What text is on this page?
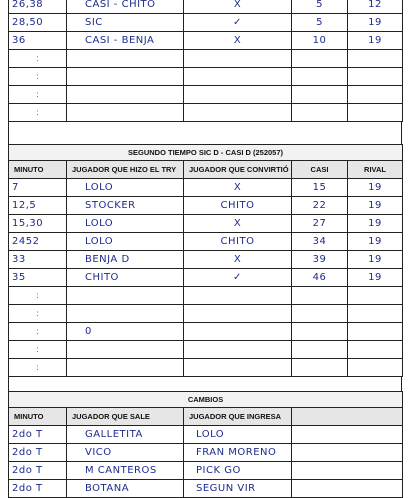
26,38	CASI - CHITO	X	5	12
28,50	SIC	✓	5	19
36	CASI - BENJA	X	10	19
:				
:				
:				
:				
SEGUNDO TIEMPO SIC D - CASI D (252057)				
MINUTO	JUGADOR QUE HIZO EL TRY	JUGADOR QUE CONVIRTIÓ	CASI	RIVAL
7	LOLO	X	15	19
12,5	STOCKER	CHITO	22	19
15,30	LOLO	X	27	19
2452	LOLO	CHITO	34	19
33	BENJA D	X	39	19
35	CHITO	✓	46	19
:				
:				
:	0			
:				
:				
CAMBIOS			
MINUTO	JUGADOR QUE SALE	JUGADOR QUE INGRESA	
2do T	GALLETITA	LOLO	
2do T	VICO	FRAN MORENO	
2do T	M CANTEROS	PICK GO	
2do T	BOTANA	SEGUN VIR	
